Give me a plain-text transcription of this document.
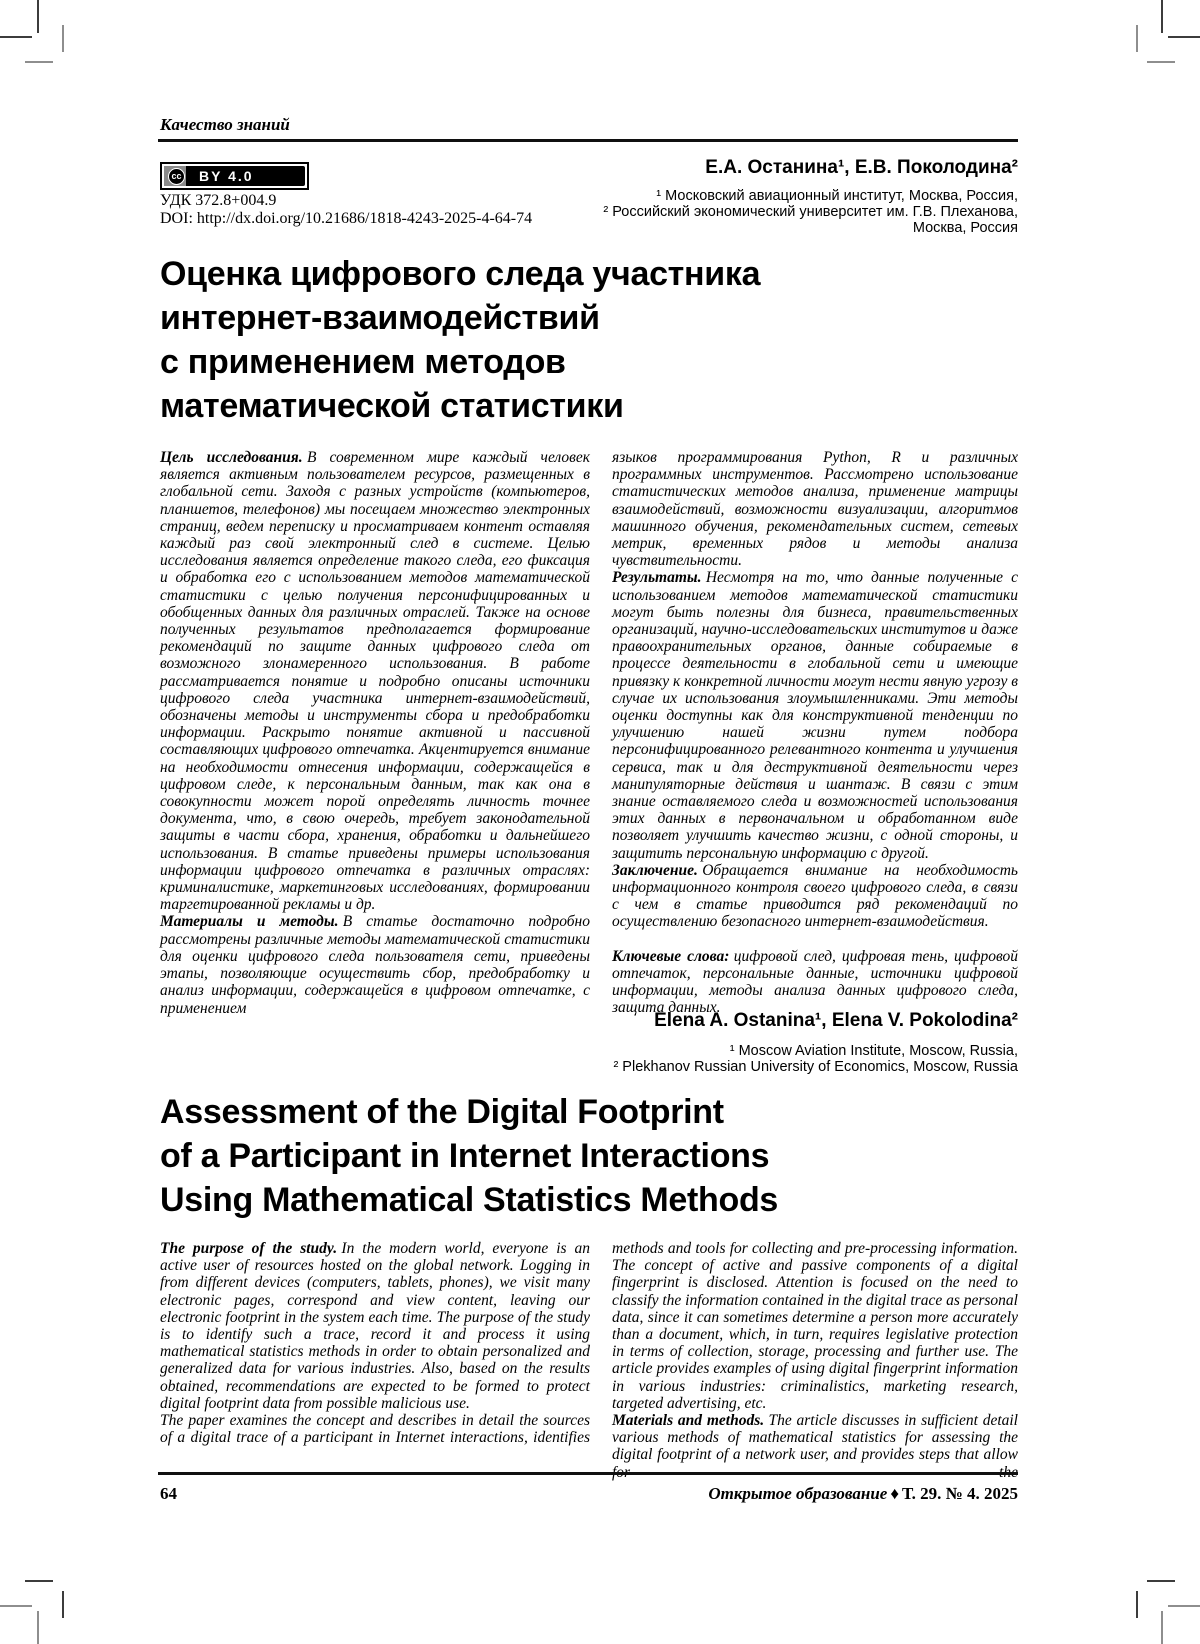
Качество знаний
cc BY 4.0
УДК 372.8+004.9
DOI: http://dx.doi.org/10.21686/1818-4243-2025-4-64-74
Е.А. Останина¹, Е.В. Поколодина²
¹ Московский авиационный институт, Москва, Россия,
² Российский экономический университет им. Г.В. Плеханова,
Москва, Россия
Оценка цифрового следа участника
интернет-взаимодействий
с применением методов
математической статистики

Цель исследования. В современном мире каждый человек является активным пользователем ресурсов, размещенных в глобальной сети. Заходя с разных устройств (компьютеров, планшетов, телефонов) мы посещаем множество электронных страниц, ведем переписку и просматриваем контент оставляя каждый раз свой электронный след в системе. Целью исследования является определение такого следа, его фиксация и обработка его с использованием методов математической статистики с целью получения персонифицированных и обобщенных данных для различных отраслей. Также на основе полученных результатов предполагается формирование рекомендаций по защите данных цифрового следа от возможного злонамеренного использования. В работе рассматривается понятие и подробно описаны источники цифрового следа участника интернет-взаимодействий, обозначены методы и инструменты сбора и предобработки информации. Раскрыто понятие активной и пассивной составляющих цифрового отпечатка. Акцентируется внимание на необходимости отнесения информации, содержащейся в цифровом следе, к персональным данным, так как она в совокупности может порой определять личность точнее документа, что, в свою очередь, требует законодательной защиты в части сбора, хранения, обработки и дальнейшего использования. В статье приведены примеры использования информации цифрового отпечатка в различных отраслях: криминалистике, маркетинговых исследованиях, формировании таргетированной рекламы и др.

Материалы и методы. В статье достаточно подробно рассмотрены различные методы математической статистики для оценки цифрового следа пользователя сети, приведены этапы, позволяющие осуществить сбор, предобработку и анализ информации, содержащейся в цифровом отпечатке, с применением

языков программирования Python, R и различных программных инструментов. Рассмотрено использование статистических методов анализа, применение матрицы взаимодействий, возможности визуализации, алгоритмов машинного обучения, рекомендательных систем, сетевых метрик, временных рядов и методы анализа чувствительности.

Результаты. Несмотря на то, что данные полученные с использованием методов математической статистики могут быть полезны для бизнеса, правительственных организаций, научно-исследовательских институтов и даже правоохранительных органов, данные собираемые в процессе деятельности в глобальной сети и имеющие привязку к конкретной личности могут нести явную угрозу в случае их использования злоумышленниками. Эти методы оценки доступны как для конструктивной тенденции по улучшению нашей жизни путем подбора персонифицированного релевантного контента и улучшения сервиса, так и для деструктивной деятельности через манипуляторные действия и шантаж. В связи с этим знание оставляемого следа и возможностей использования этих данных в первоначальном и обработанном виде позволяет улучшить качество жизни, с одной стороны, и защитить персональную информацию с другой.

Заключение. Обращается внимание на необходимость информационного контроля своего цифрового следа, в связи с чем в статье приводится ряд рекомендаций по осуществлению безопасного интернет-взаимодействия.

Ключевые слова: цифровой след, цифровая тень, цифровой отпечаток, персональные данные, источники цифровой информации, методы анализа данных цифрового следа, защита данных.

Elena A. Ostanina¹, Elena V. Pokolodina²
¹ Moscow Aviation Institute, Moscow, Russia,
² Plekhanov Russian University of Economics, Moscow, Russia
Assessment of the Digital Footprint
of a Participant in Internet Interactions
Using Mathematical Statistics Methods

The purpose of the study. In the modern world, everyone is an active user of resources hosted on the global network. Logging in from different devices (computers, tablets, phones), we visit many electronic pages, correspond and view content, leaving our electronic footprint in the system each time. The purpose of the study is to identify such a trace, record it and process it using mathematical statistics methods in order to obtain personalized and generalized data for various industries. Also, based on the results obtained, recommendations are expected to be formed to protect digital footprint data from possible malicious use.

The paper examines the concept and describes in detail the sources of a digital trace of a participant in Internet interactions, identifies

methods and tools for collecting and pre-processing information. The concept of active and passive components of a digital fingerprint is disclosed. Attention is focused on the need to classify the information contained in the digital trace as personal data, since it can sometimes determine a person more accurately than a document, which, in turn, requires legislative protection in terms of collection, storage, processing and further use. The article provides examples of using digital fingerprint information in various industries: criminalistics, marketing research, targeted advertising, etc.

Materials and methods. The article discusses in sufficient detail various methods of mathematical statistics for assessing the digital footprint of a network user, and provides steps that allow

64	Открытое образование ♦ Т. 29. № 4. 2025
